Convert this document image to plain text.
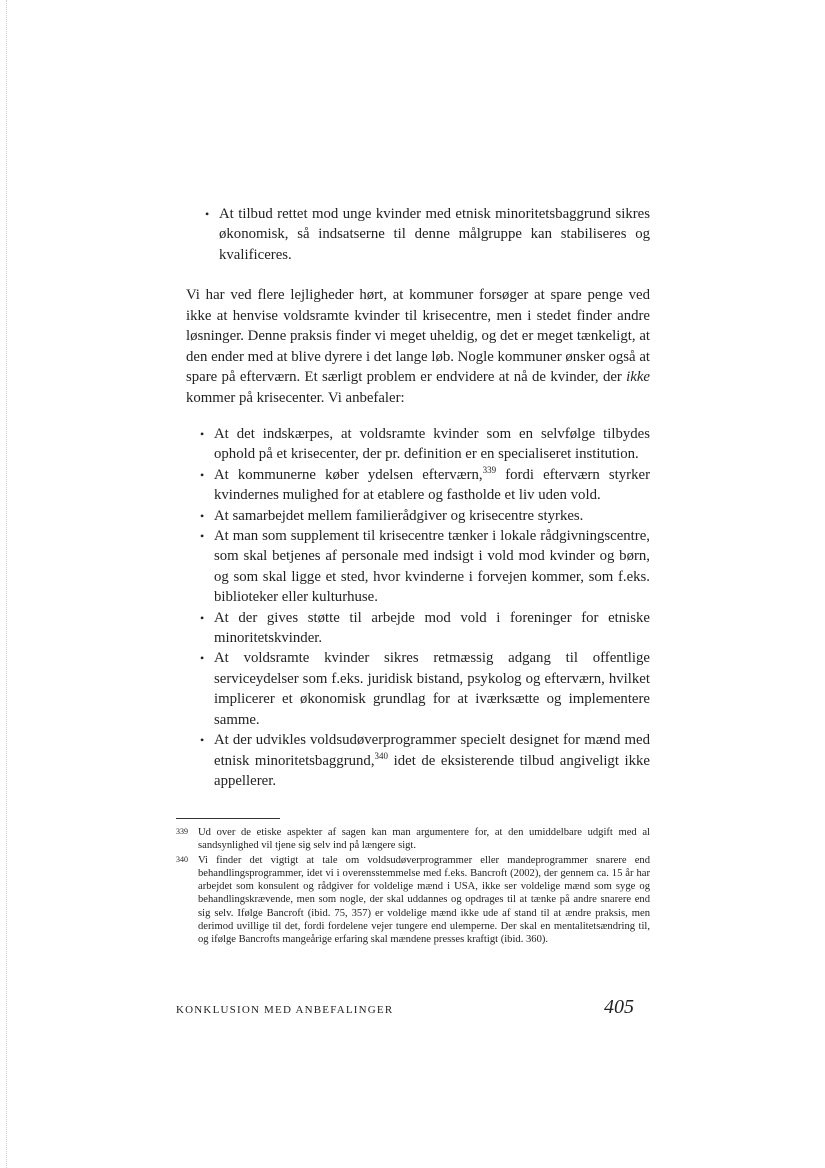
• At tilbud rettet mod unge kvinder med etnisk minoritetsbaggrund sikres økonomisk, så indsatserne til denne målgruppe kan stabiliseres og kvalificeres.

Vi har ved flere lejligheder hørt, at kommuner forsøger at spare penge ved ikke at henvise voldsramte kvinder til krisecentre, men i stedet finder andre løsninger. Denne praksis finder vi meget uheldig, og det er meget tænkeligt, at den ender med at blive dyrere i det lange løb. Nogle kommuner ønsker også at spare på efterværn. Et særligt problem er endvidere at nå de kvinder, der ikke kommer på krisecenter. Vi anbefaler:

• At det indskærpes, at voldsramte kvinder som en selvfølge tilbydes ophold på et krisecenter, der pr. definition er en specialiseret institution.
• At kommunerne køber ydelsen efterværn,$^{339}$ fordi efterværn styrker kvindernes mulighed for at etablere og fastholde et liv uden vold.
• At samarbejdet mellem familierådgiver og krisecentre styrkes.
• At man som supplement til krisecentre tænker i lokale rådgivningscentre, som skal betjenes af personale med indsigt i vold mod kvinder og børn, og som skal ligge et sted, hvor kvinderne i forvejen kommer, som f.eks. biblioteker eller kulturhuse.
• At der gives støtte til arbejde mod vold i foreninger for etniske minoritetskvinder.
• At voldsramte kvinder sikres retmæssig adgang til offentlige serviceydelser som f.eks. juridisk bistand, psykolog og efterværn, hvilket implicerer et økonomisk grundlag for at iværksætte og implementere samme.
• At der udvikles voldsudøverprogrammer specielt designet for mænd med etnisk minoritetsbaggrund,$^{340}$ idet de eksisterende tilbud angiveligt ikke appellerer.
339 Ud over de etiske aspekter af sagen kan man argumentere for, at den umiddelbare udgift med al sandsynlighed vil tjene sig selv ind på længere sigt.
340 Vi finder det vigtigt at tale om voldsudøverprogrammer eller mandeprogrammer snarere end behandlingsprogrammer, idet vi i overensstemmelse med f.eks. Bancroft (2002), der gennem ca. 15 år har arbejdet som konsulent og rådgiver for voldelige mænd i USA, ikke ser voldelige mænd som syge og behandlingskrævende, men som nogle, der skal uddannes og opdrages til at tænke på andre snarere end sig selv. Ifølge Bancroft (ibid. 75, 357) er voldelige mænd ikke ude af stand til at ændre praksis, men derimod uvillige til det, fordi fordelene vejer tungere end ulemperne. Der skal en mentalitetsændring til, og ifølge Bancrofts mangeårige erfaring skal mændene presses kraftigt (ibid. 360).
KONKLUSION MED ANBEFALINGER	405
